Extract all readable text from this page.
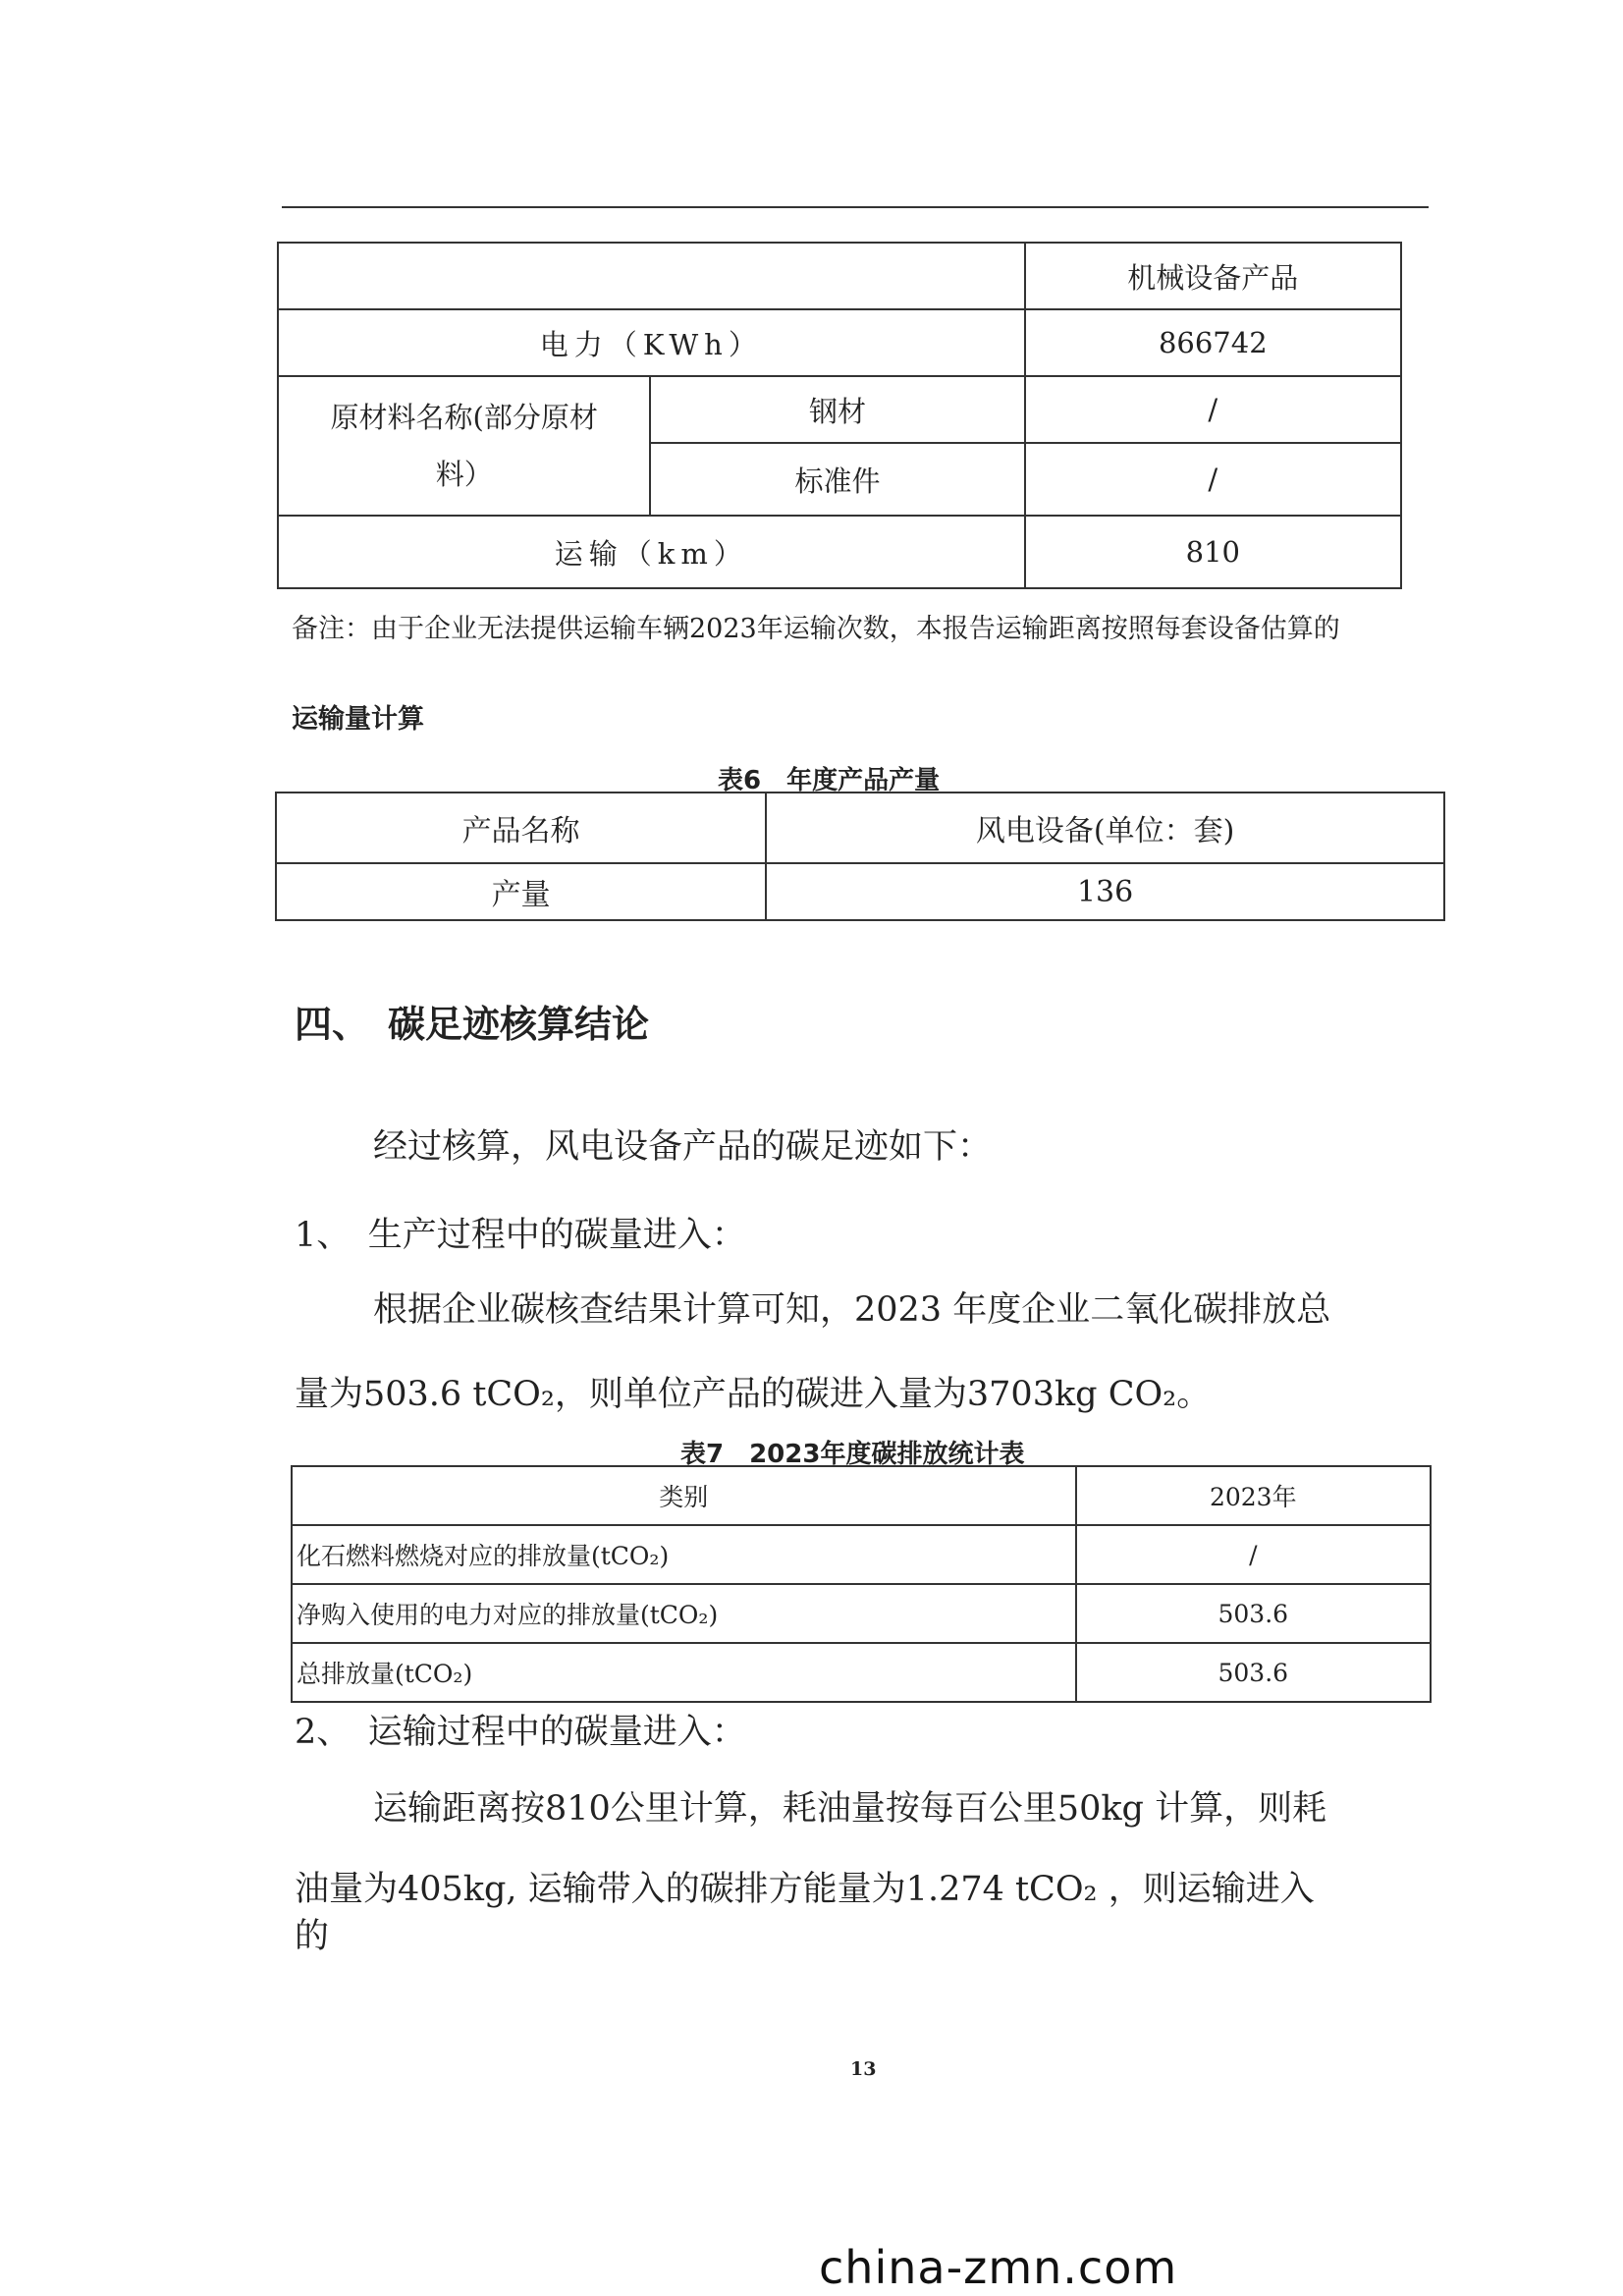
		机械设备产品
电力（KWh）		866742
原材料名称(部分原材料）	钢材	/
	标准件	/
运输（km）		810
备注：由于企业无法提供运输车辆2023年运输次数，本报告运输距离按照每套设备估算的
运输量计算
表6　年度产品产量
产品名称	风电设备(单位：套)
产量	136
四、　碳足迹核算结论
经过核算，风电设备产品的碳足迹如下：
1、　生产过程中的碳量进入：
根据企业碳核查结果计算可知，2023 年度企业二氧化碳排放总
量为503.6 tCO₂，则单位产品的碳进入量为3703kg CO₂。
表7　2023年度碳排放统计表
类别	2023年
化石燃料燃烧对应的排放量(tCO₂)	/
净购入使用的电力对应的排放量(tCO₂)	503.6
总排放量(tCO₂)	503.6
2、　运输过程中的碳量进入：
运输距离按810公里计算，耗油量按每百公里50kg 计算，则耗
油量为405kg, 运输带入的碳排方能量为1.274 tCO₂ ，则运输进入
的
13
china-zmn.com
